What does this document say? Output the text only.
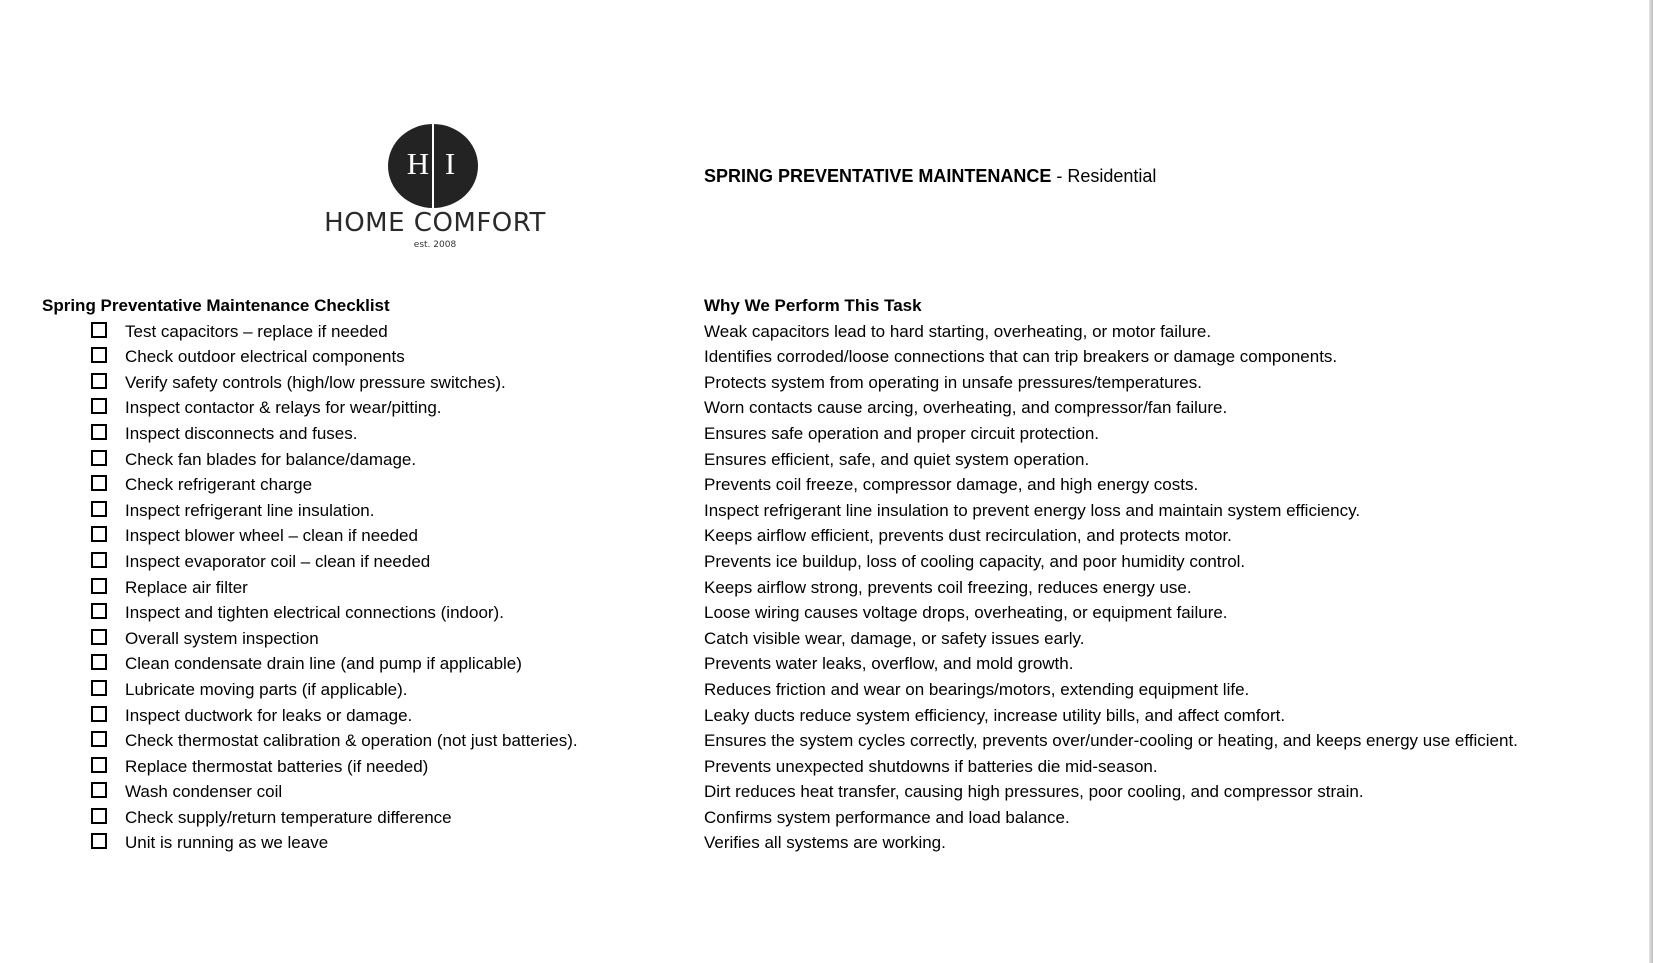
H I
HOME COMFORT
est. 2008
SPRING PREVENTATIVE MAINTENANCE - Residential
Spring Preventative Maintenance Checklist
Test capacitors – replace if needed
Check outdoor electrical components
Verify safety controls (high/low pressure switches).
Inspect contactor & relays for wear/pitting.
Inspect disconnects and fuses.
Check fan blades for balance/damage.
Check refrigerant charge
Inspect refrigerant line insulation.
Inspect blower wheel – clean if needed
Inspect evaporator coil – clean if needed
Replace air filter
Inspect and tighten electrical connections (indoor).
Overall system inspection
Clean condensate drain line (and pump if applicable)
Lubricate moving parts (if applicable).
Inspect ductwork for leaks or damage.
Check thermostat calibration & operation (not just batteries).
Replace thermostat batteries (if needed)
Wash condenser coil
Check supply/return temperature difference
Unit is running as we leave
Why We Perform This Task
Weak capacitors lead to hard starting, overheating, or motor failure.
Identifies corroded/loose connections that can trip breakers or damage components.
Protects system from operating in unsafe pressures/temperatures.
Worn contacts cause arcing, overheating, and compressor/fan failure.
Ensures safe operation and proper circuit protection.
Ensures efficient, safe, and quiet system operation.
Prevents coil freeze, compressor damage, and high energy costs.
Inspect refrigerant line insulation to prevent energy loss and maintain system efficiency.
Keeps airflow efficient, prevents dust recirculation, and protects motor.
Prevents ice buildup, loss of cooling capacity, and poor humidity control.
Keeps airflow strong, prevents coil freezing, reduces energy use.
Loose wiring causes voltage drops, overheating, or equipment failure.
Catch visible wear, damage, or safety issues early.
Prevents water leaks, overflow, and mold growth.
Reduces friction and wear on bearings/motors, extending equipment life.
Leaky ducts reduce system efficiency, increase utility bills, and affect comfort.
Ensures the system cycles correctly, prevents over/under-cooling or heating, and keeps energy use efficient.
Prevents unexpected shutdowns if batteries die mid-season.
Dirt reduces heat transfer, causing high pressures, poor cooling, and compressor strain.
Confirms system performance and load balance.
Verifies all systems are working.
